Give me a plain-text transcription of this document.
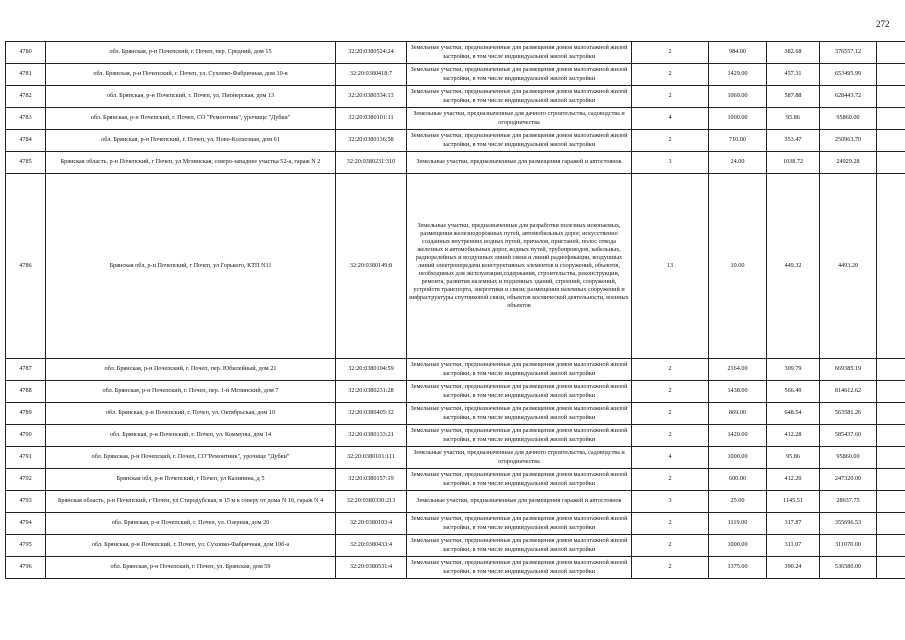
272
4780	обл. Брянская, р-н Почепский, г. Почеп, пер. Средний, дом 15	32:20:0380524:24	Земельные участки, предназначенные для размещения домов малоэтажной жилой застройки, в том числе индивидуальной жилой застройки	2	984.00	382.68	376557.12	
4781	обл. Брянская, р-н Почепский, г. Почеп, ул. Сухопко-Фабричная, дом 10-в	32:20:0380418:7	Земельные участки, предназначенные для размещения домов малоэтажной жилой застройки, в том числе индивидуальной жилой застройки	2	1429.00	457.31	653495.99	
4782	обл. Брянская, р-н Почепский, г. Почеп, ул. Пионерская, дом 13	32:20:0380334:13	Земельные участки, предназначенные для размещения домов малоэтажной жилой застройки, в том числе индивидуальной жилой застройки	2	1069.00	587.88	628443.72	
4783	обл. Брянская, р-н Почепский, г. Почеп, СО "Ремонтник", урочище "Дубки"	32:20:0380101:11	Земельные участки, предназначенные для дачного строительства, садоводства и огородничества	4	1000.00	95.86	95860.00	
4784	обл. Брянская, р-н Почепский, г. Почеп, ул. Ново-Колхозная, дом 61	32:20:0380136:58	Земельные участки, предназначенные для размещения домов малоэтажной жилой застройки, в том числе индивидуальной жилой застройки	2	710.00	353.47	250963.70	
4785	Брянская область, р-н Почепский, г Почеп, ул Мглинская, северо-западнее участка 52-а, гараж N 2	32:20:0380231:310	Земельные участки, предназначенные для размещения гаражей и автостоянок	3	24.00	1038.72	24929.28	
4786	Брянская обл, р-н Почепский, г Почеп, ул Горького, КТП N11	32:20:0380149:8	Земельные участки, предназначенные для разработки полезных ископаемых, размещения железнодорожных путей, автомобильных дорог, искусственно созданных внутренних водных путей, причалов, пристаней, полос отвода железных и автомобильных дорог, водных путей, трубопроводов, кабельных, радиорелейных и воздушных линий связи и линий радиофикации, воздушных линий электропередачи конструктивных элементов и сооружений, объектов, необходимых для эксплуатации,содержания, строительства, реконструкции, ремонта, развития наземных и подземных зданий, строений, сооружений, устройств транспорта, энергетики и связи; размещения наземных сооружений и инфраструктуры спутниковой связи, объектов космической деятельности, военных объектов	13	10.00	449.32	4493.20	
4787	обл. Брянская, р-н Почепский, г. Почеп, пер. Юбилейный, дом 21	32:20:0380104:59	Земельные участки, предназначенные для размещения домов малоэтажной жилой застройки, в том числе индивидуальной жилой застройки	2	2164.00	309.79	669385.19	
4788	обл. Брянская, р-н Почепский, г. Почеп, пер. 1-й Мглинский, дом 7	32:20:0380231:28	Земельные участки, предназначенные для размещения домов малоэтажной жилой застройки, в том числе индивидуальной жилой застройки	2	1438.00	566.49	814612.62	
4789	обл. Брянская, р-н Почепский, г. Почеп, ул. Октябрьская, дом 10	32:20:0380405:12	Земельные участки, предназначенные для размещения домов малоэтажной жилой застройки, в том числе индивидуальной жилой застройки	2	869.00	648.54	563581.26	
4790	обл. Брянская, р-н Почепский, г. Почеп, ул. Коммуны, дом 14	32:20:0380133:21	Земельные участки, предназначенные для размещения домов малоэтажной жилой застройки, в том числе индивидуальной жилой застройки	2	1420.00	412.28	585437.60	
4791	обл. Брянская, р-н Почепский, г. Почеп, СО"Ремонтник", урочище "Дубки"	32:20:0380101:111	Земельные участки, предназначенные для дачного строительства, садоводства и огородничества	4	1000.00	95.86	95860.00	
4792	Брянская обл, р-н Почепский, г Почеп, ул Калинина, д 5	32:20:0380157:19	Земельные участки, предназначенные для размещения домов малоэтажной жилой застройки, в том числе индивидуальной жилой застройки	2	600.00	412.20	247320.00	
4793	Брянская область, р-н Почепский, г Почеп, ул Стародубская, в 15 м к северу от дома N 10, гараж N 4	32:20:0380330:213	Земельные участки, предназначенные для размещения гаражей и автостоянок	3	25.00	1145.51	28637.75	
4794	обл. Брянская, р-н Почепский, г. Почеп, ул. Озерная, дом 20	32:20:0380103:4	Земельные участки, предназначенные для размещения домов малоэтажной жилой застройки, в том числе индивидуальной жилой застройки	2	1119.00	317.87	355696.53	
4795	обл. Брянская, р-н Почепский, г. Почеп, ул. Сухопко-Фабричная, дом 10б-а	32:20:0380433:4	Земельные участки, предназначенные для размещения домов малоэтажной жилой застройки, в том числе индивидуальной жилой застройки	2	1000.00	311.07	311070.00	
4796	обл. Брянская, р-н Почепский, г. Почеп, ул. Брянская, дом 59	32:20:0380531:4	Земельные участки, предназначенные для размещения домов малоэтажной жилой застройки, в том числе индивидуальной жилой застройки	2	1375.00	390.24	536580.00	
